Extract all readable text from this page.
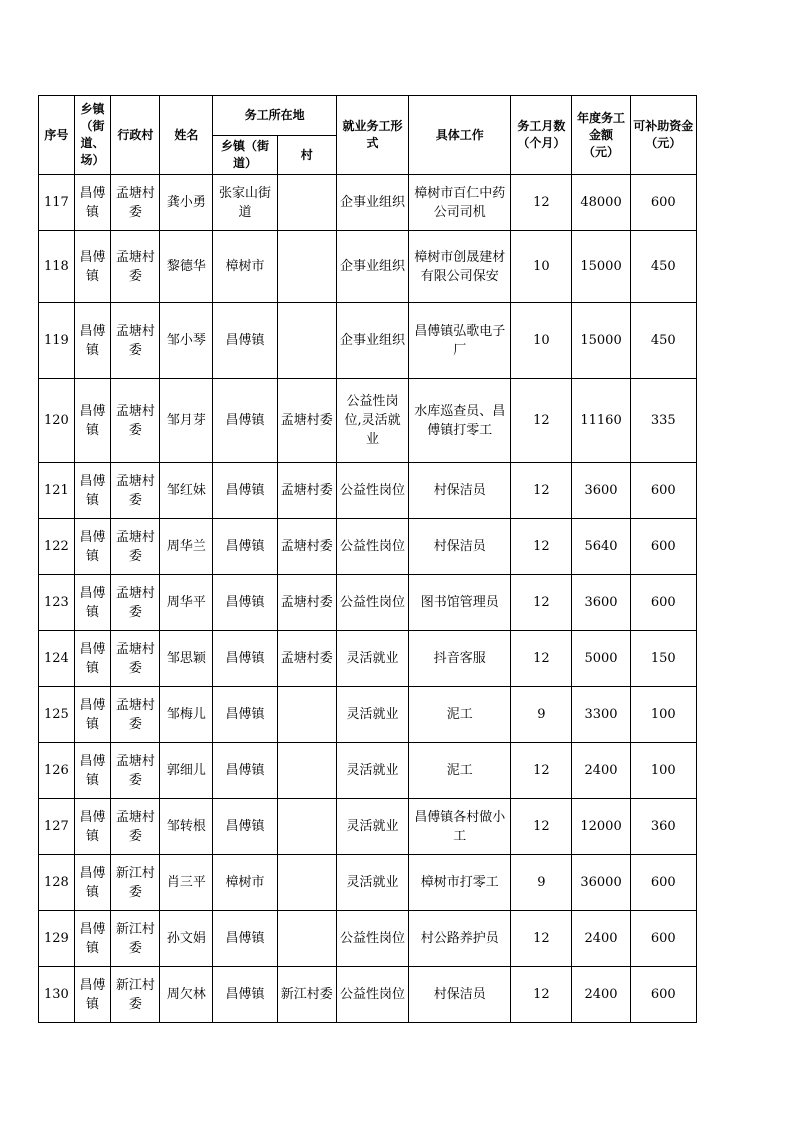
序号	乡镇（街道、场）	行政村	姓名	务工所在地		就业务工形式	具体工作	务工月数（个月）	年度务工金额（元）	可补助资金（元）
				乡镇（街道）	村					
117	昌傅镇	孟塘村委	龚小勇	张家山街道		企事业组织	樟树市百仁中药公司司机	12	48000	600
118	昌傅镇	孟塘村委	黎德华	樟树市		企事业组织	樟树市创晟建材有限公司保安	10	15000	450
119	昌傅镇	孟塘村委	邹小琴	昌傅镇		企事业组织	昌傅镇弘歌电子厂	10	15000	450
120	昌傅镇	孟塘村委	邹月芽	昌傅镇	孟塘村委	公益性岗位,灵活就业	水库巡查员、昌傅镇打零工	12	11160	335
121	昌傅镇	孟塘村委	邹红妹	昌傅镇	孟塘村委	公益性岗位	村保洁员	12	3600	600
122	昌傅镇	孟塘村委	周华兰	昌傅镇	孟塘村委	公益性岗位	村保洁员	12	5640	600
123	昌傅镇	孟塘村委	周华平	昌傅镇	孟塘村委	公益性岗位	图书馆管理员	12	3600	600
124	昌傅镇	孟塘村委	邹思颖	昌傅镇	孟塘村委	灵活就业	抖音客服	12	5000	150
125	昌傅镇	孟塘村委	邹梅儿	昌傅镇		灵活就业	泥工	9	3300	100
126	昌傅镇	孟塘村委	郭细儿	昌傅镇		灵活就业	泥工	12	2400	100
127	昌傅镇	孟塘村委	邹转根	昌傅镇		灵活就业	昌傅镇各村做小工	12	12000	360
128	昌傅镇	新江村委	肖三平	樟树市		灵活就业	樟树市打零工	9	36000	600
129	昌傅镇	新江村委	孙文娟	昌傅镇		公益性岗位	村公路养护员	12	2400	600
130	昌傅镇	新江村委	周欠林	昌傅镇	新江村委	公益性岗位	村保洁员	12	2400	600
